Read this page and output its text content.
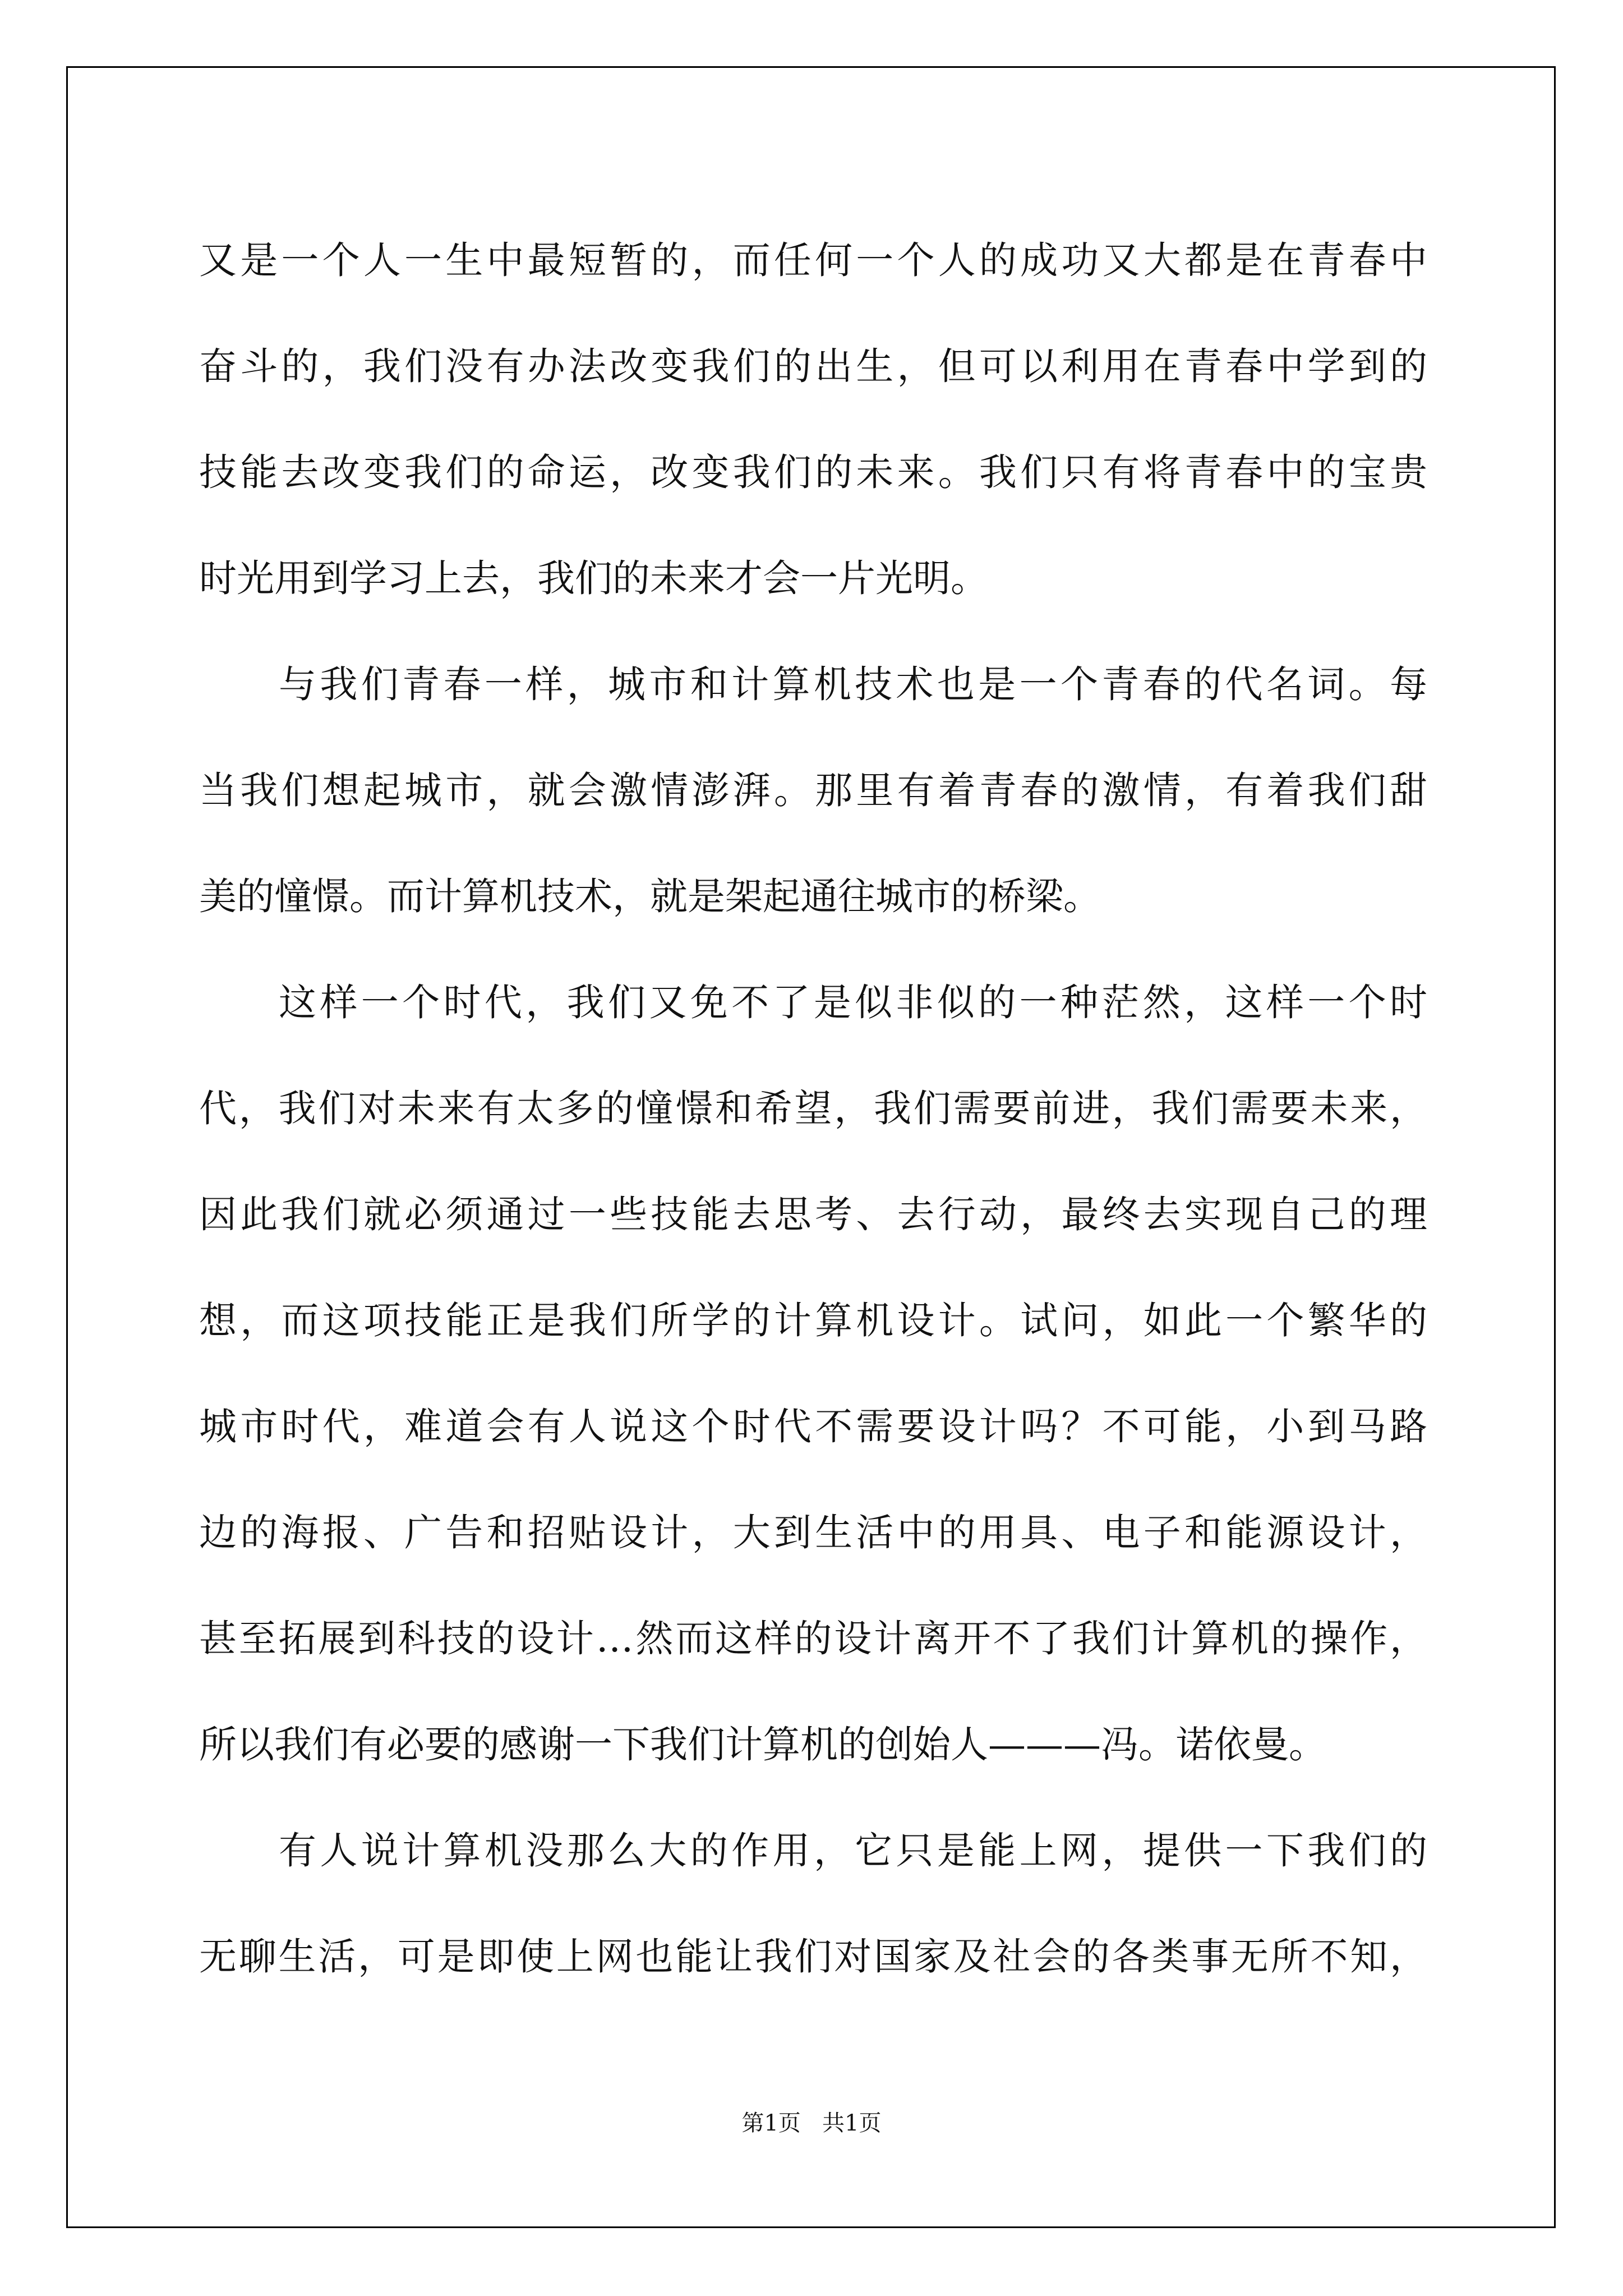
又是一个人一生中最短暂的，而任何一个人的成功又大都是在青春中
奋斗的，我们没有办法改变我们的出生，但可以利用在青春中学到的
技能去改变我们的命运，改变我们的未来。我们只有将青春中的宝贵
时光用到学习上去，我们的未来才会一片光明。
与我们青春一样，城市和计算机技术也是一个青春的代名词。每
当我们想起城市，就会激情澎湃。那里有着青春的激情，有着我们甜
美的憧憬。而计算机技术，就是架起通往城市的桥梁。
这样一个时代，我们又免不了是似非似的一种茫然，这样一个时
代，我们对未来有太多的憧憬和希望，我们需要前进，我们需要未来，
因此我们就必须通过一些技能去思考、去行动，最终去实现自己的理
想，而这项技能正是我们所学的计算机设计。试问，如此一个繁华的
城市时代，难道会有人说这个时代不需要设计吗？不可能，小到马路
边的海报、广告和招贴设计，大到生活中的用具、电子和能源设计，
甚至拓展到科技的设计…然而这样的设计离开不了我们计算机的操作，
所以我们有必要的感谢一下我们计算机的创始人———冯。诺依曼。
有人说计算机没那么大的作用，它只是能上网，提供一下我们的
无聊生活，可是即使上网也能让我们对国家及社会的各类事无所不知，
第1页   共1页
